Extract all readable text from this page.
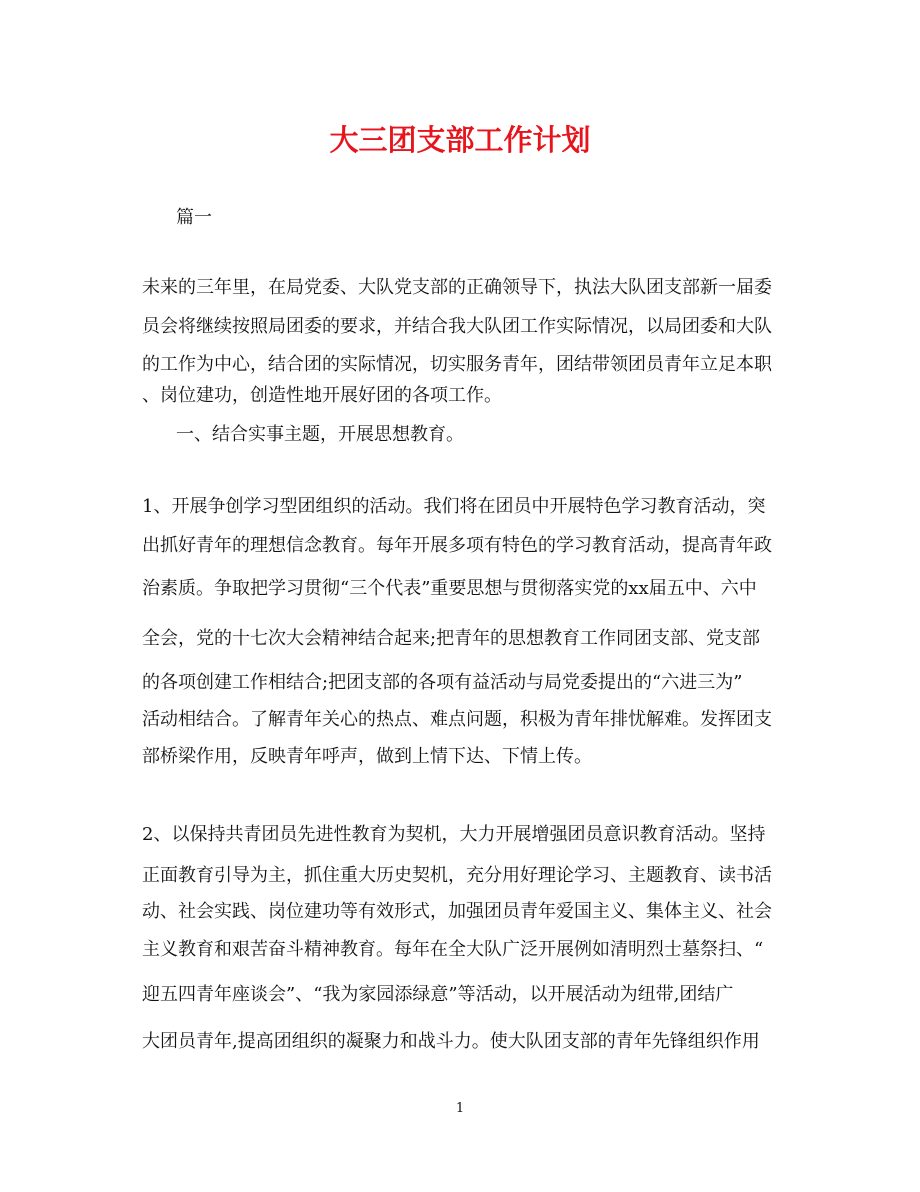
大三团支部工作计划
篇一
未来的三年里，在局党委、大队党支部的正确领导下，执法大队团支部新一届委
员会将继续按照局团委的要求，并结合我大队团工作实际情况，以局团委和大队
的工作为中心，结合团的实际情况，切实服务青年，团结带领团员青年立足本职
、岗位建功，创造性地开展好团的各项工作。
一、结合实事主题，开展思想教育。
1、开展争创学习型团组织的活动。我们将在团员中开展特色学习教育活动，突
出抓好青年的理想信念教育。每年开展多项有特色的学习教育活动，提高青年政
治素质。争取把学习贯彻“三个代表”重要思想与贯彻落实党的xx届五中、六中
全会，党的十七次大会精神结合起来;把青年的思想教育工作同团支部、党支部
的各项创建工作相结合;把团支部的各项有益活动与局党委提出的“六进三为”
活动相结合。了解青年关心的热点、难点问题，积极为青年排忧解难。发挥团支
部桥梁作用，反映青年呼声，做到上情下达、下情上传。
2、以保持共青团员先进性教育为契机，大力开展增强团员意识教育活动。坚持
正面教育引导为主，抓住重大历史契机，充分用好理论学习、主题教育、读书活
动、社会实践、岗位建功等有效形式，加强团员青年爱国主义、集体主义、社会
主义教育和艰苦奋斗精神教育。每年在全大队广泛开展例如清明烈士墓祭扫、“
迎五四青年座谈会”、“我为家园添绿意”等活动，以开展活动为纽带,团结广
大团员青年,提高团组织的凝聚力和战斗力。使大队团支部的青年先锋组织作用
1
